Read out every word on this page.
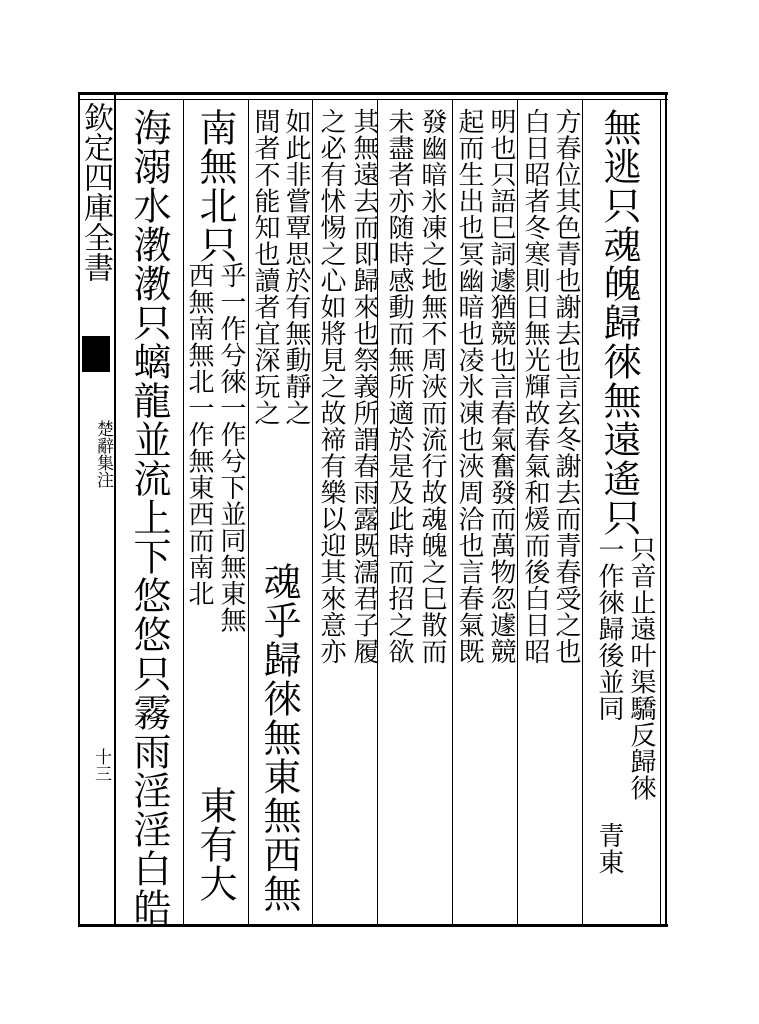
欽定四庫全書
楚辭集注
十三
無逃只魂魄歸徠無遠遙只
只音止遠叶渠驕反歸徠
一作徠歸後並同
青東
方春位其色青也謝去也言玄冬謝去而青春受之也
白日昭者冬寒則日無光輝故春氣和煖而後白日昭
明也只語巳詞遽猶競也言春氣奮發而萬物忽遽競
起而生出也冥幽暗也凌氷凍也浹周洽也言春氣既
發幽暗氷凍之地無不周浹而流行故魂魄之巳散而
未盡者亦随時感動而無所適於是及此時而招之欲
其無遠去而即歸來也祭義所謂春雨露既濡君子履
之必有怵惕之心如將見之故禘有樂以迎其來意亦
如此非嘗覃思於有無動靜之
間者不能知也讀者宜深玩之
魂乎歸徠無東無西無
南無北只
乎一作兮徠一作兮下並同無東無
西無南無北一作無東西而南北
東有大
海溺水漖漖只螭龍並流上下悠悠只霧雨淫淫白皓
